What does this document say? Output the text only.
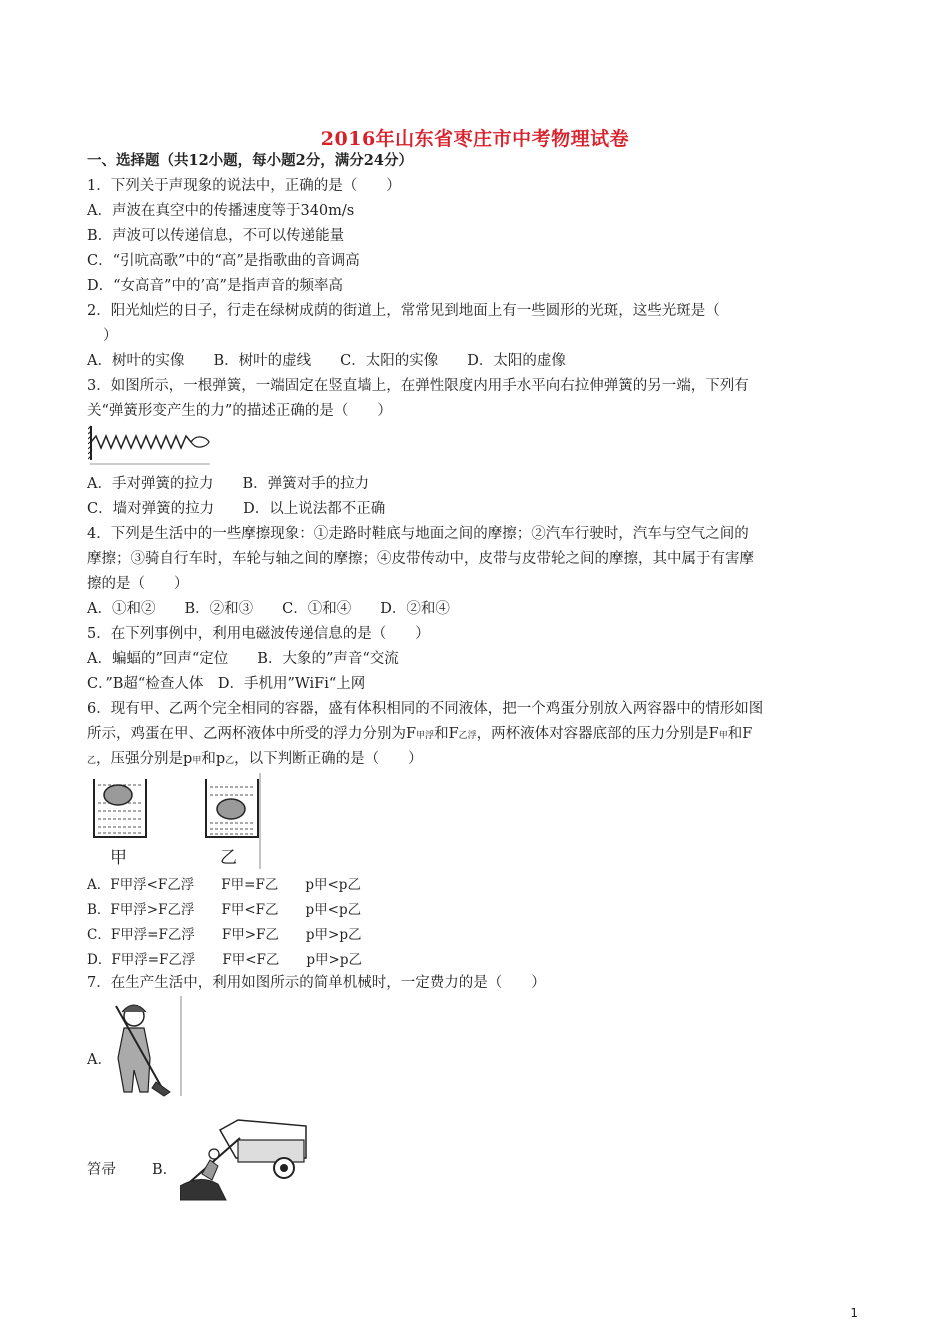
2016年山东省枣庄市中考物理试卷
一、选择题（共12小题，每小题2分，满分24分）
1．下列关于声现象的说法中，正确的是（　　）
A．声波在真空中的传播速度等于340m/s
B．声波可以传递信息，不可以传递能量
C．“引吭高歌”中的“高”是指歌曲的音调高
D．“女高音”中的’高”是指声音的频率高
2．阳光灿烂的日子，行走在绿树成荫的街道上，常常见到地面上有一些圆形的光斑，这些光斑是（
）
A．树叶的实像　　B．树叶的虚线　　C．太阳的实像　　D．太阳的虚像
3．如图所示，一根弹簧，一端固定在竖直墙上，在弹性限度内用手水平向右拉伸弹簧的另一端，下列有
关“弹簧形变产生的力”的描述正确的是（　　）
A．手对弹簧的拉力　　B．弹簧对手的拉力
C．墙对弹簧的拉力　　D．以上说法都不正确
4．下列是生活中的一些摩擦现象：①走路时鞋底与地面之间的摩擦；②汽车行驶时，汽车与空气之间的
摩擦；③骑自行车时，车轮与轴之间的摩擦；④皮带传动中，皮带与皮带轮之间的摩擦，其中属于有害摩
擦的是（　　）
A．①和②　　B．②和③　　C．①和④　　D．②和④
5．在下列事例中，利用电磁波传递信息的是（　　）
A．蝙蝠的”回声“定位　　B．大象的”声音“交流
C．”B超“检查人体　D．手机用”WiFi“上网
6．现有甲、乙两个完全相同的容器，盛有体积相同的不同液体，把一个鸡蛋分别放入两容器中的情形如图
所示，鸡蛋在甲、乙两杯液体中所受的浮力分别为F甲浮和F乙浮，两杯液体对容器底部的压力分别是F甲和F
乙，压强分别是p甲和p乙，以下判断正确的是（　　）
甲	乙
A．F甲浮<F乙浮　　F甲=F乙　　p甲<p乙
B．F甲浮>F乙浮　　F甲<F乙　　p甲<p乙
C．F甲浮=F乙浮　　F甲>F乙　　p甲>p乙
D．F甲浮=F乙浮　　F甲<F乙　　p甲>p乙
7．在生产生活中，利用如图所示的简单机械时，一定费力的是（　　）
A．
笤帚 B．
1
